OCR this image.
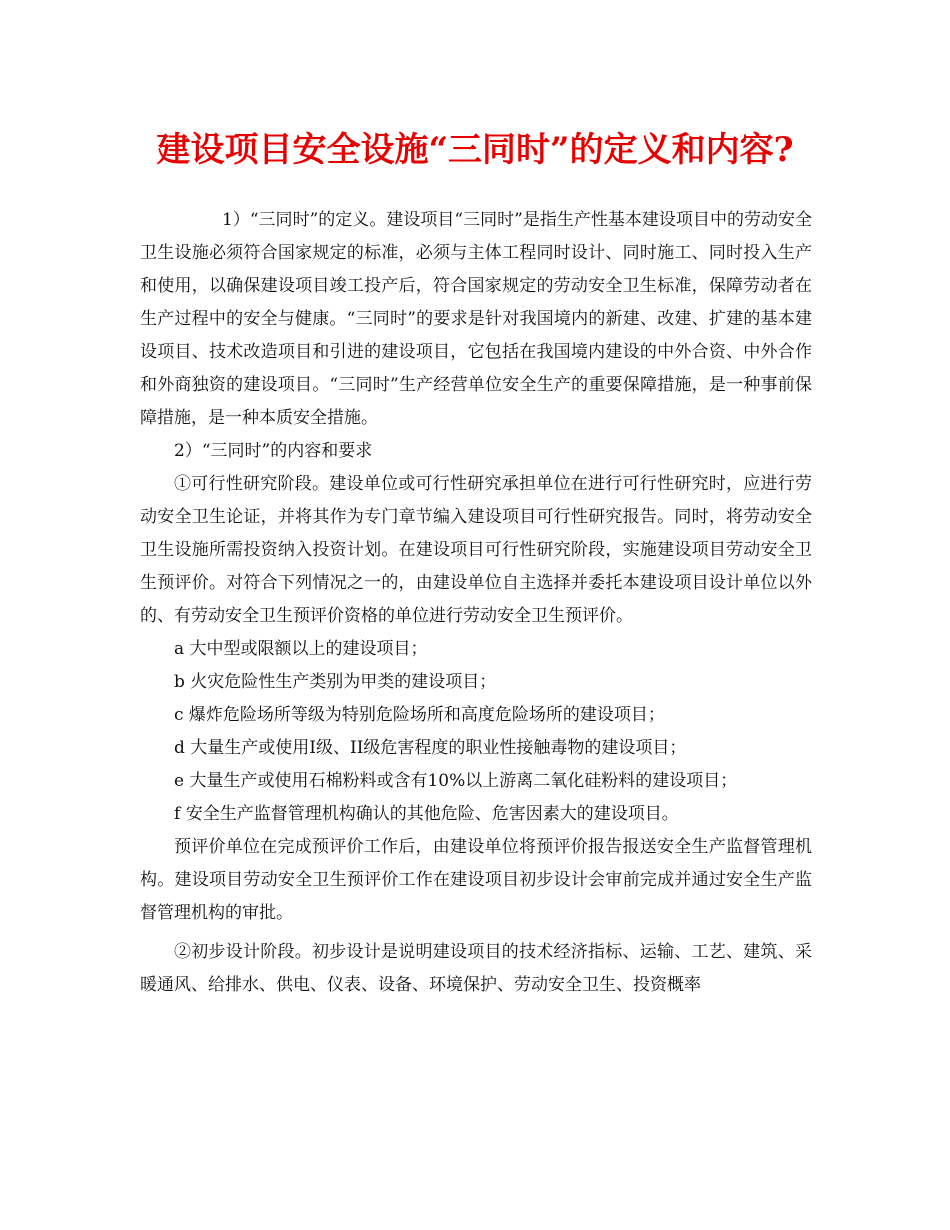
建设项目安全设施“三同时”的定义和内容?

1）“三同时”的定义。建设项目“三同时”是指生产性基本建设项目中的劳动安全卫生设施必须符合国家规定的标准，必须与主体工程同时设计、同时施工、同时投入生产和使用，以确保建设项目竣工投产后，符合国家规定的劳动安全卫生标准，保障劳动者在生产过程中的安全与健康。“三同时”的要求是针对我国境内的新建、改建、扩建的基本建设项目、技术改造项目和引进的建设项目，它包括在我国境内建设的中外合资、中外合作和外商独资的建设项目。“三同时”生产经营单位安全生产的重要保障措施，是一种事前保障措施，是一种本质安全措施。

2）“三同时”的内容和要求

①可行性研究阶段。建设单位或可行性研究承担单位在进行可行性研究时，应进行劳动安全卫生论证，并将其作为专门章节编入建设项目可行性研究报告。同时，将劳动安全卫生设施所需投资纳入投资计划。在建设项目可行性研究阶段，实施建设项目劳动安全卫生预评价。对符合下列情况之一的，由建设单位自主选择并委托本建设项目设计单位以外的、有劳动安全卫生预评价资格的单位进行劳动安全卫生预评价。

a 大中型或限额以上的建设项目；

b 火灾危险性生产类别为甲类的建设项目；

c 爆炸危险场所等级为特别危险场所和高度危险场所的建设项目；

d 大量生产或使用Ⅰ级、II级危害程度的职业性接触毒物的建设项目；

e 大量生产或使用石棉粉料或含有10%以上游离二氧化硅粉料的建设项目；

f 安全生产监督管理机构确认的其他危险、危害因素大的建设项目。

预评价单位在完成预评价工作后，由建设单位将预评价报告报送安全生产监督管理机构。建设项目劳动安全卫生预评价工作在建设项目初步设计会审前完成并通过安全生产监督管理机构的审批。

②初步设计阶段。初步设计是说明建设项目的技术经济指标、运输、工艺、建筑、采暖通风、给排水、供电、仪表、设备、环境保护、劳动安全卫生、投资概率
